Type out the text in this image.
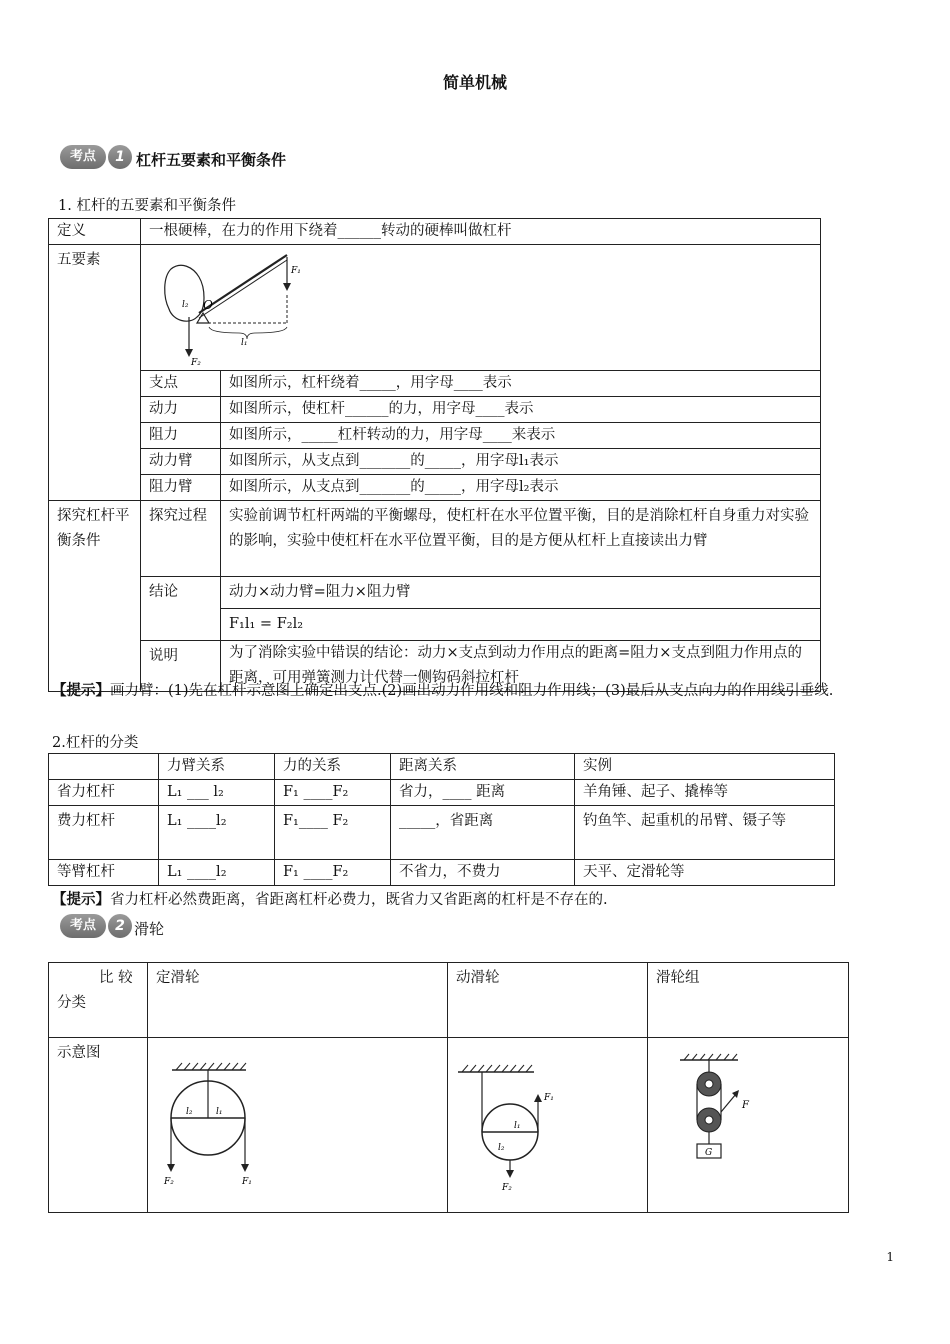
简单机械
考点	1 杠杆五要素和平衡条件
1. 杠杆的五要素和平衡条件
定义	一根硬棒，在力的作用下绕着______转动的硬棒叫做杠杆	
五要素	F₁
F₂
O
l₁
l₂	

	支点	如图所示，杠杆绕着_____，用字母____表示
	动力	如图所示，使杠杆______的力，用字母____表示
	阻力	如图所示，_____杠杆转动的力，用字母____来表示
	动力臂	如图所示，从支点到_______的_____，用字母l₁表示
	阻力臂	如图所示，从支点到_______的_____，用字母l₂表示
探究杠杆平衡条件	探究过程	实验前调节杠杆两端的平衡螺母，使杠杆在水平位置平衡，目的是消除杠杆自身重力对实验的影响，实验中使杠杆在水平位置平衡，目的是方便从杠杆上直接读出力臂
	结论	动力×动力臂=阻力×阻力臂
		F₁l₁ = F₂l₂
	说明	为了消除实验中错误的结论：动力×支点到动力作用点的距离=阻力×支点到阻力作用点的距离，可用弹簧测力计代替一侧钩码斜拉杠杆
【提示】画力臂：(1)先在杠杆示意图上确定出支点.(2)画出动力作用线和阻力作用线；(3)最后从支点向力的作用线引垂线.
2.杠杆的分类
	力臂关系	力的关系	距离关系	实例
省力杠杆	L₁ ___ l₂	F₁ ____F₂	省力，____ 距离	羊角锤、起子、撬棒等
费力杠杆	L₁ ____l₂	F₁____ F₂	_____，省距离	钓鱼竿、起重机的吊臂、镊子等
等臂杠杆	L₁ ____l₂	F₁ ____F₂	不省力，不费力	天平、定滑轮等
【提示】省力杠杆必然费距离，省距离杠杆必费力，既省力又省距离的杠杆是不存在的.
考点	2 滑轮
比 较
分类	定滑轮	动滑轮	滑轮组
示意图	F₂ F₁
l₂ l₁	F₁
F₂
l₁
l₂	F
G
1
